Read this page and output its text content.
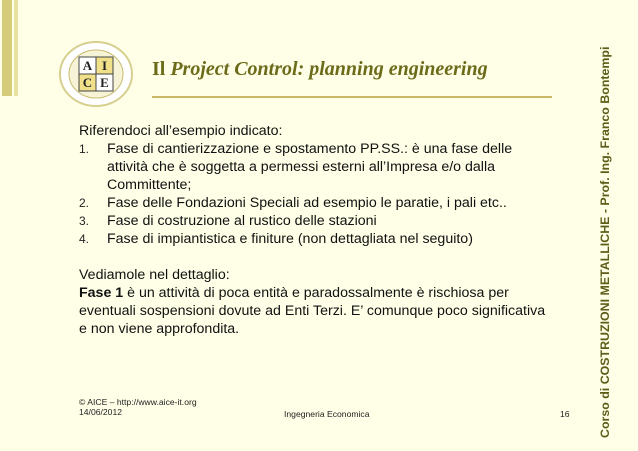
A I
C E
Il Project Control: planning engineering

Riferendoci all’esempio indicato:

1. Fase di cantierizzazione e spostamento PP.SS.: è una fase delle attività che è soggetta a permessi esterni all’Impresa e/o dalla Committente;
2. Fase delle Fondazioni Speciali ad esempio le paratie, i pali etc..
3. Fase di costruzione al rustico delle stazioni
4. Fase di impiantistica e finiture (non dettagliata nel seguito)

Vediamole nel dettaglio:

Fase 1 è un attività di poca entità e paradossalmente è rischiosa per eventuali sospensioni dovute ad Enti Terzi. E’ comunque poco significativa e non viene approfondita.	Corso di COSTRUZIONI METALLICHE - Prof. Ing. Franco Bontempi
© AICE – http://www.aice-it.org
14/06/2012	Ingegneria Economica	16
